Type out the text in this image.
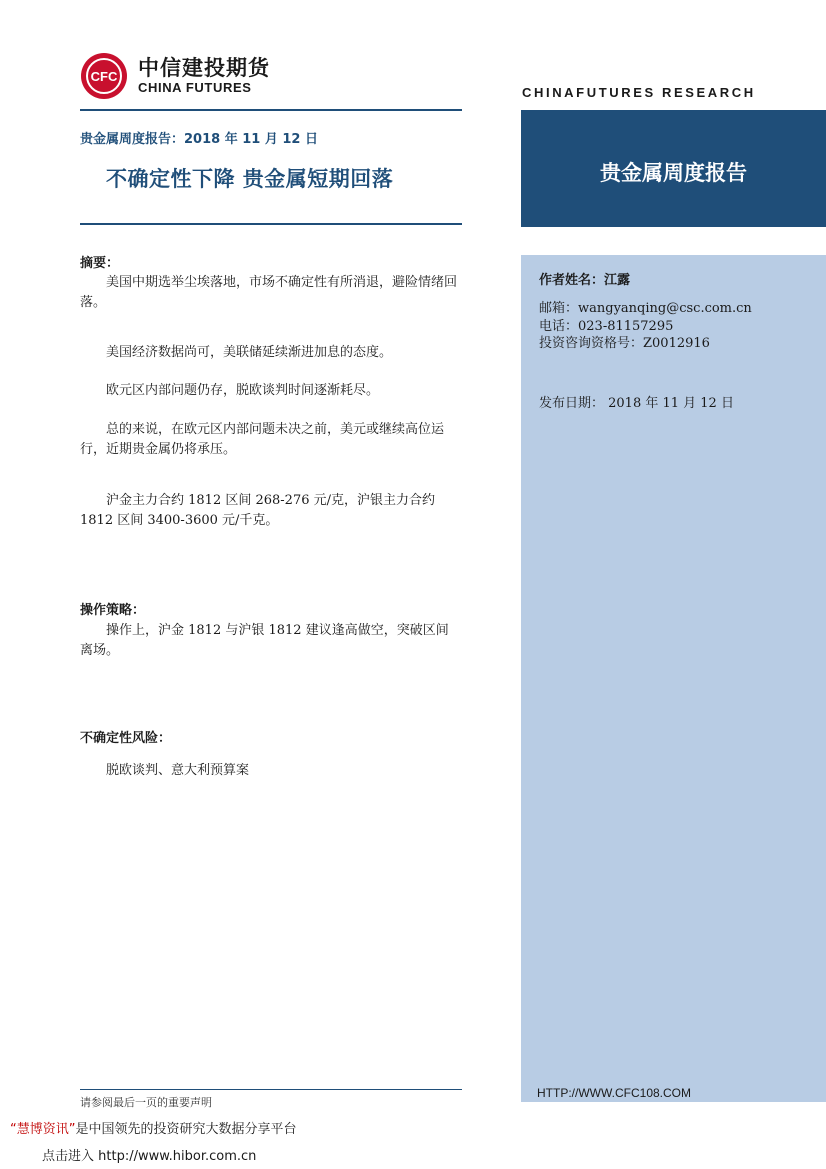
CFC 中信建投期货
CHINA FUTURES	CHINAFUTURES RESEARCH
贵金属周度报告：2018 年 11 月 12 日
不确定性下降 贵金属短期回落	贵金属周度报告
作者姓名：江露
邮箱：wangyanqing@csc.com.cn
电话：023-81157295
投资咨询资格号：Z0012916
发布日期： 2018 年 11 月 12 日
HTTP://WWW.CFC108.COM
摘要：
美国中期选举尘埃落地，市场不确定性有所消退，避险情绪回落。
美国经济数据尚可，美联储延续渐进加息的态度。
欧元区内部问题仍存，脱欧谈判时间逐渐耗尽。
总的来说，在欧元区内部问题未决之前，美元或继续高位运行，近期贵金属仍将承压。
沪金主力合约 1812 区间 268-276 元/克，沪银主力合约 1812 区间 3400-3600 元/千克。
操作策略：
操作上，沪金 1812 与沪银 1812 建议逢高做空，突破区间离场。
不确定性风险：
脱欧谈判、意大利预算案
请参阅最后一页的重要声明
“慧博资讯”是中国领先的投资研究大数据分享平台
点击进入 http://www.hibor.com.cn
